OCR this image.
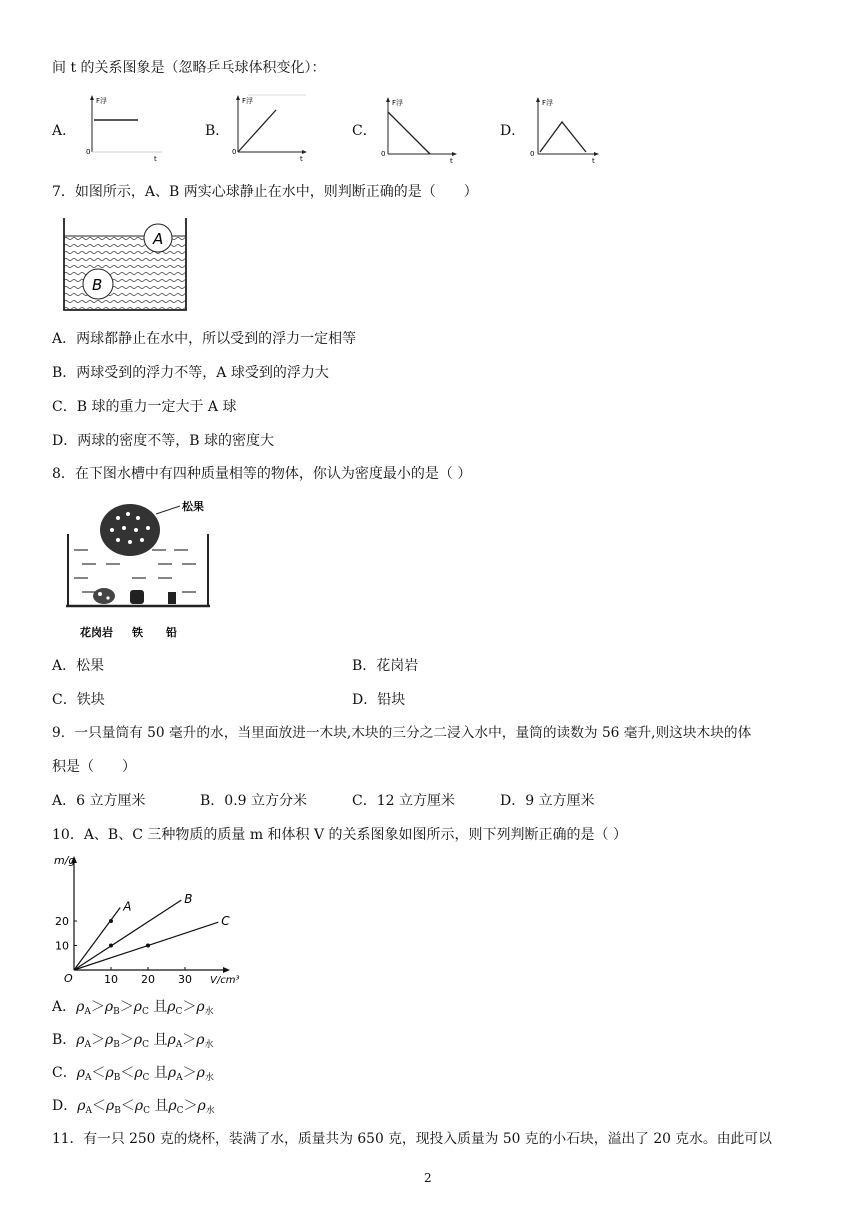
间 t 的关系图象是（忽略乒乓球体积变化）：
A．
F浮
0
t
B．
F浮
0
t
C．
F浮
0
t
D．
F浮
0
t
7．如图所示，A、B 两实心球静止在水中，则判断正确的是（　　）
A
B
A．两球都静止在水中，所以受到的浮力一定相等
B．两球受到的浮力不等，A 球受到的浮力大
C．B 球的重力一定大于 A 球
D．两球的密度不等，B 球的密度大
8．在下图水槽中有四种质量相等的物体，你认为密度最小的是（ ）
松果
花岗岩 铁 铅
A．松果	B．花岗岩
C．铁块	D．铅块
9．一只量筒有 50 毫升的水，当里面放进一木块,木块的三分之二浸入水中，量筒的读数为 56 毫升,则这块木块的体
积是（　　）
A．6 立方厘米	B．0.9 立方分米	C．12 立方厘米	D．9 立方厘米
10．A、B、C 三种物质的质量 m 和体积 V 的关系图象如图所示，则下列判断正确的是（ ）
m/g
V/cm³
O	10 20 30
10
20
A
B
C
A．$\rho_A>\rho_B>\rho_C$ 且$\rho_C>\rho_水$
B．$\rho_A>\rho_B>\rho_C$ 且$\rho_A>\rho_水$
C．$\rho_A<\rho_B<\rho_C$ 且$\rho_A>\rho_水$
D．$\rho_A<\rho_B<\rho_C$ 且$\rho_C>\rho_水$
11．有一只 250 克的烧杯，装满了水，质量共为 650 克，现投入质量为 50 克的小石块，溢出了 20 克水。由此可以
2
